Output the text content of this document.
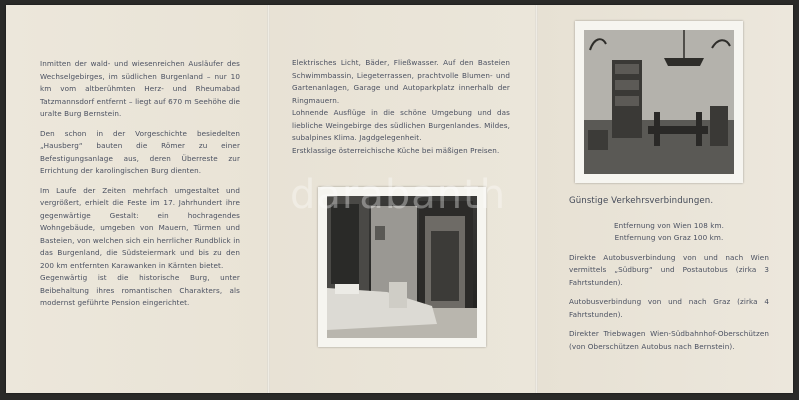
Inmitten der wald- und wiesenreichen Ausläufer des Wechselgebirges, im südlichen Burgenland – nur 10 km vom altberühmten Herz- und Rheumabad Tatzmannsdorf entfernt – liegt auf 670 m Seehöhe die uralte Burg Bernstein.

Den schon in der Vorgeschichte besiedelten „Hausberg“ bauten die Römer zu einer Befestigungsanlage aus, deren Überreste zur Errichtung der karolingischen Burg dienten.

Im Laufe der Zeiten mehrfach umgestaltet und vergrößert, erhielt die Feste im 17. Jahrhundert ihre gegenwärtige Gestalt: ein hochragendes Wohngebäude, umgeben von Mauern, Türmen und Basteien, von welchen sich ein herrlicher Rundblick in das Burgenland, die Südsteiermark und bis zu den 200 km entfernten Karawanken in Kärnten bietet.

Gegenwärtig ist die historische Burg, unter Beibehaltung ihres romantischen Charakters, als modernst geführte Pension eingerichtet.

Elektrisches Licht, Bäder, Fließwasser. Auf den Basteien Schwimmbassin, Liegeterrassen, prachtvolle Blumen- und Gartenanlagen, Garage und Autoparkplatz innerhalb der Ringmauern.

Lohnende Ausflüge in die schöne Umgebung und das liebliche Weingebirge des südlichen Burgenlandes. Mildes, subalpines Klima. Jagdgelegenheit.

Erstklassige österreichische Küche bei mäßigen Preisen.

Günstige Verkehrsverbindungen.

Entfernung von Wien 108 km.

Entfernung von Graz 100 km.

Direkte Autobusverbindung von und nach Wien vermittels „Südburg“ und Postautobus (zirka 3 Fahrtstunden).

Autobusverbindung von und nach Graz (zirka 4 Fahrtstunden).

Direkter Triebwagen Wien-Südbahnhof-Oberschützen (von Oberschützen Autobus nach Bernstein).

darabanth
